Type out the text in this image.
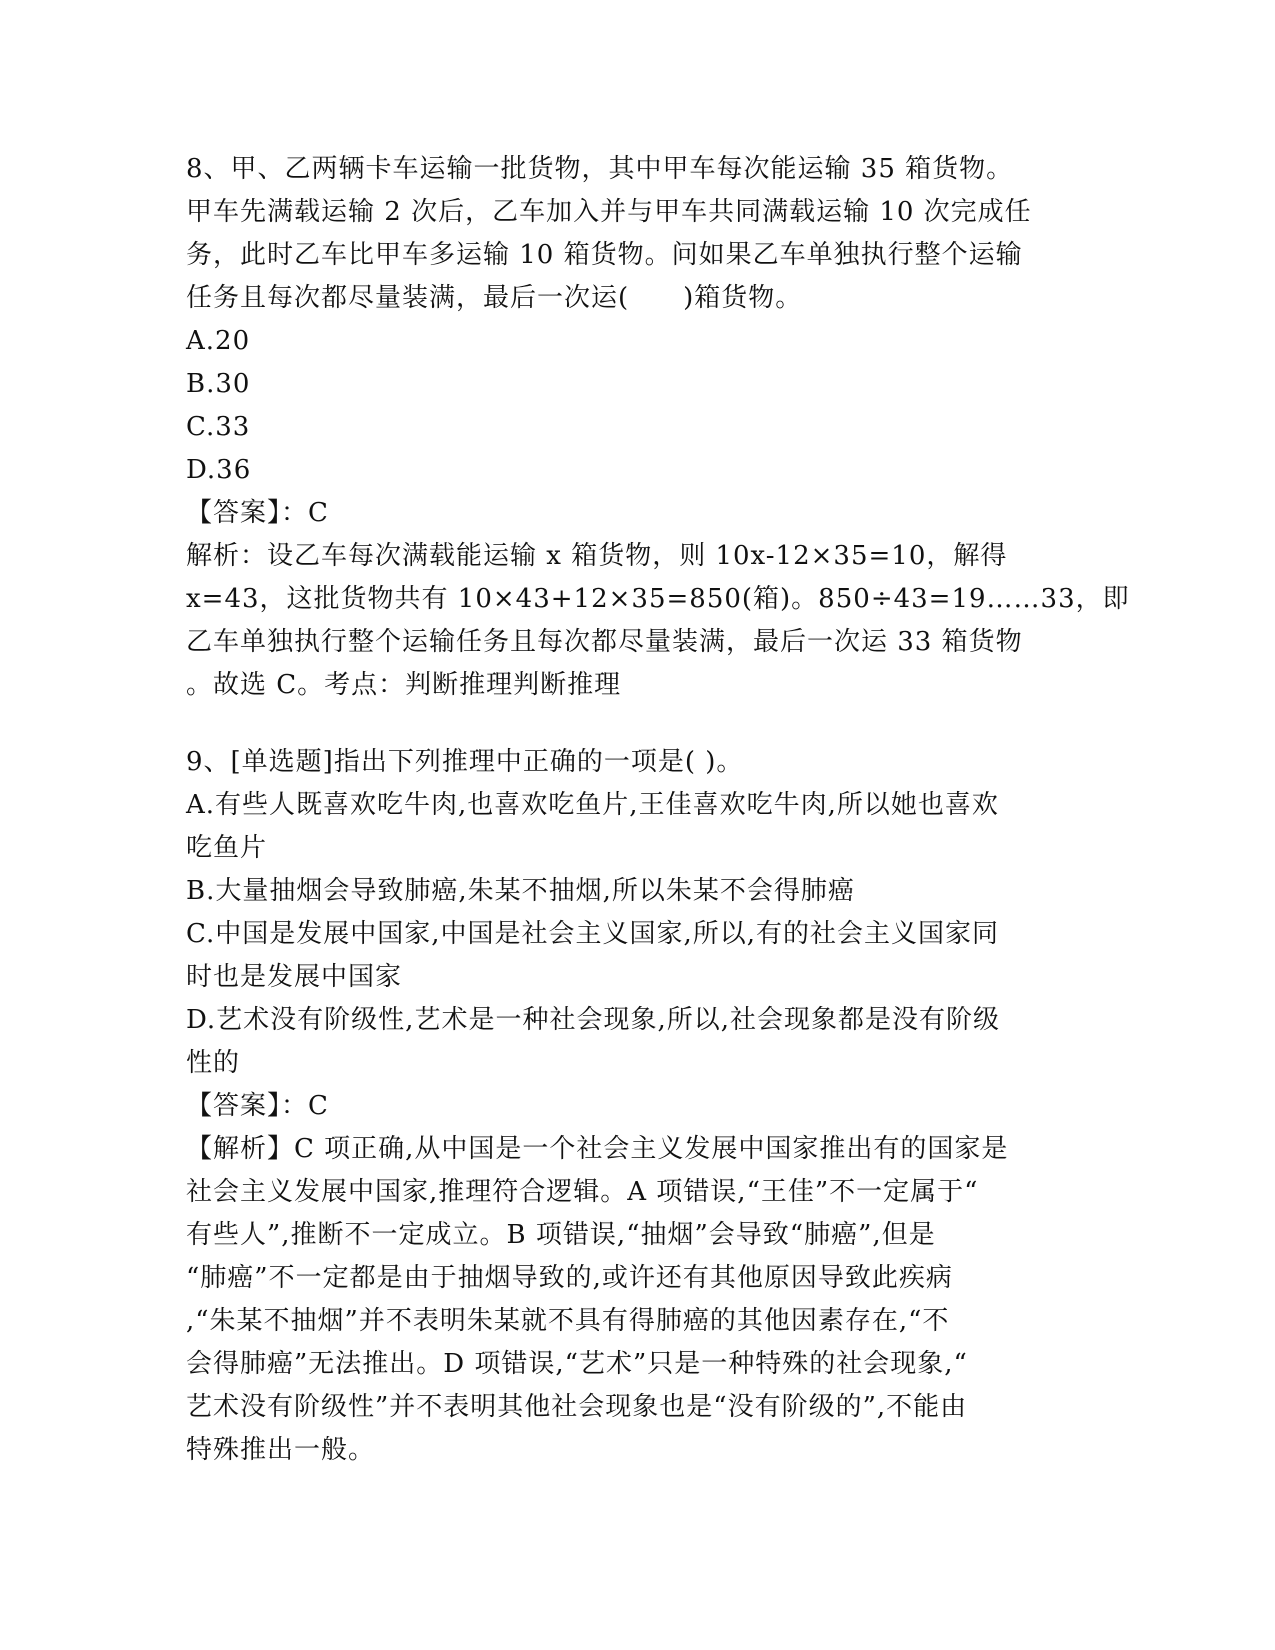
8、甲、乙两辆卡车运输一批货物，其中甲车每次能运输 35 箱货物。
甲车先满载运输 2 次后，乙车加入并与甲车共同满载运输 10 次完成任
务，此时乙车比甲车多运输 10 箱货物。问如果乙车单独执行整个运输
任务且每次都尽量装满，最后一次运(　　)箱货物。
A.20
B.30
C.33
D.36
【答案】：C
解析：设乙车每次满载能运输 x 箱货物，则 10x-12×35=10，解得
x=43，这批货物共有 10×43+12×35=850(箱)。850÷43=19……33，即
乙车单独执行整个运输任务且每次都尽量装满，最后一次运 33 箱货物
。故选 C。考点：判断推理判断推理
9、[单选题]指出下列推理中正确的一项是( )。
A.有些人既喜欢吃牛肉,也喜欢吃鱼片,王佳喜欢吃牛肉,所以她也喜欢
吃鱼片
B.大量抽烟会导致肺癌,朱某不抽烟,所以朱某不会得肺癌
C.中国是发展中国家,中国是社会主义国家,所以,有的社会主义国家同
时也是发展中国家
D.艺术没有阶级性,艺术是一种社会现象,所以,社会现象都是没有阶级
性的
【答案】：C
【解析】C 项正确,从中国是一个社会主义发展中国家推出有的国家是
社会主义发展中国家,推理符合逻辑。A 项错误,“王佳”不一定属于“
有些人”,推断不一定成立。B 项错误,“抽烟”会导致“肺癌”,但是
“肺癌”不一定都是由于抽烟导致的,或许还有其他原因导致此疾病
,“朱某不抽烟”并不表明朱某就不具有得肺癌的其他因素存在,“不
会得肺癌”无法推出。D 项错误,“艺术”只是一种特殊的社会现象,“
艺术没有阶级性”并不表明其他社会现象也是“没有阶级的”,不能由
特殊推出一般。
